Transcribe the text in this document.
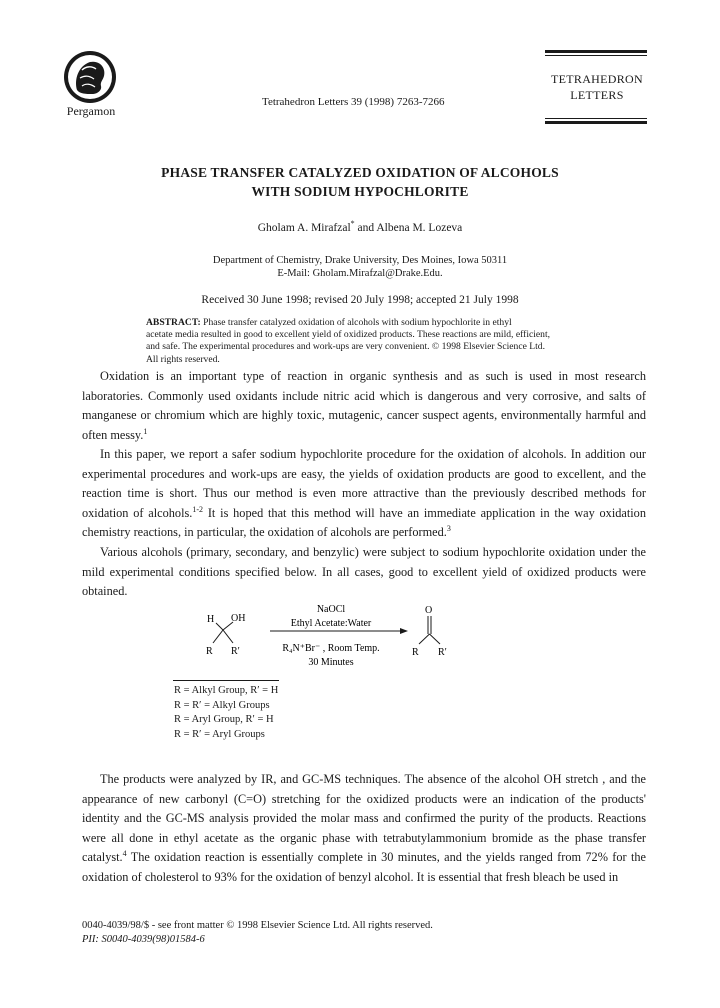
Pergamon
Tetrahedron Letters 39 (1998) 7263-7266
TETRAHEDRON
LETTERS
PHASE TRANSFER CATALYZED OXIDATION OF ALCOHOLS
WITH SODIUM HYPOCHLORITE
Gholam A. Mirafzal* and Albena M. Lozeva
Department of Chemistry, Drake University, Des Moines, Iowa 50311
E-Mail: Gholam.Mirafzal@Drake.Edu.
Received 30 June 1998; revised 20 July 1998; accepted 21 July 1998
ABSTRACT: Phase transfer catalyzed oxidation of alcohols with sodium hypochlorite in ethyl
acetate media resulted in good to excellent yield of oxidized products. These reactions are mild, efficient,
and safe. The experimental procedures and work-ups are very convenient. © 1998 Elsevier Science Ltd.
All rights reserved.

Oxidation is an important type of reaction in organic synthesis and as such is used in most research laboratories. Commonly used oxidants include nitric acid which is dangerous and very corrosive, and salts of manganese or chromium which are highly toxic, mutagenic, cancer suspect agents, environmentally harmful and often messy.$^1$

In this paper, we report a safer sodium hypochlorite procedure for the oxidation of alcohols. In addition our experimental procedures and work-ups are easy, the yields of oxidation products are good to excellent, and the reaction time is short. Thus our method is even more attractive than the previously described methods for oxidation of alcohols.$^{1-2}$ It is hoped that this method will have an immediate application in the way oxidation chemistry reactions, in particular, the oxidation of alcohols are performed.$^3$

Various alcohols (primary, secondary, and benzylic) were subject to sodium hypochlorite oxidation under the mild experimental conditions specified below. In all cases, good to excellent yield of oxidized products were obtained.

H OH
R R′
NaOCl
Ethyl Acetate:Water
R₄N⁺Br⁻ , Room Temp.
30 Minutes
O
R R′
R = Alkyl Group, R′ = H
R = R′ = Alkyl Groups
R = Aryl Group, R′ = H
R = R′ = Aryl Groups

The products were analyzed by IR, and GC-MS techniques. The absence of the alcohol OH stretch , and the appearance of new carbonyl (C=O) stretching for the oxidized products were an indication of the products' identity and the GC-MS analysis provided the molar mass and confirmed the purity of the products. Reactions were all done in ethyl acetate as the organic phase with tetrabutylammonium bromide as the phase transfer catalyst.$^4$ The oxidation reaction is essentially complete in 30 minutes, and the yields ranged from 72% for the oxidation of cholesterol to 93% for the oxidation of benzyl alcohol. It is essential that fresh bleach be used in

0040-4039/98/$ - see front matter © 1998 Elsevier Science Ltd. All rights reserved.
PII: S0040-4039(98)01584-6
